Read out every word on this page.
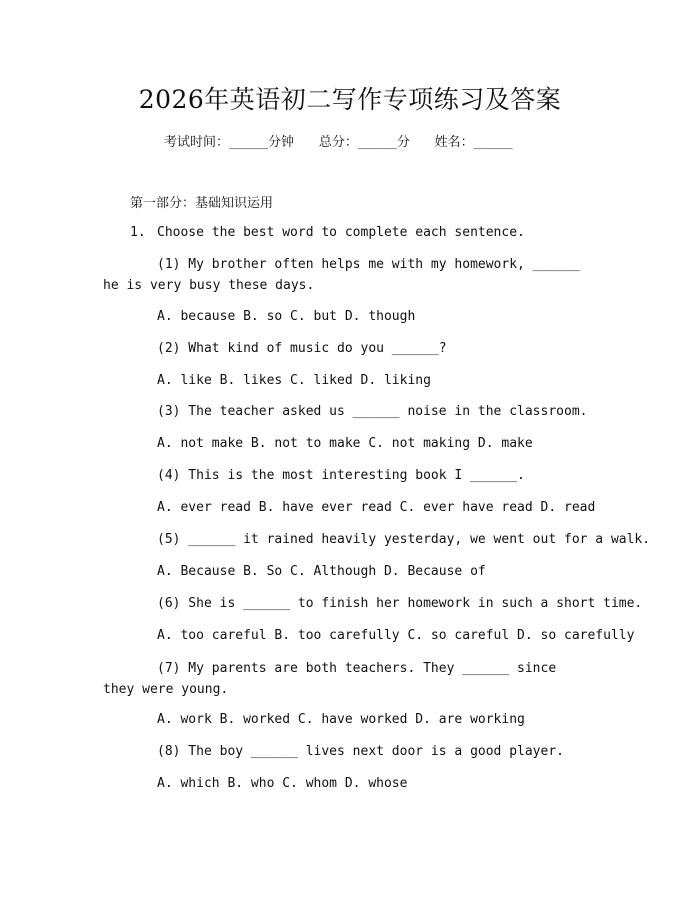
2026年英语初二写作专项练习及答案
考试时间：______分钟 总分：______分 姓名：______
第一部分：基础知识运用
1. Choose the best word to complete each sentence.
(1) My brother often helps me with my homework, ______ he is very busy these days.
A. because B. so C. but D. though
(2) What kind of music do you ______?
A. like B. likes C. liked D. liking
(3) The teacher asked us ______ noise in the classroom.
A. not make B. not to make C. not making D. make
(4) This is the most interesting book I ______.
A. ever read B. have ever read C. ever have read D. read
(5) ______ it rained heavily yesterday, we went out for a walk.
A. Because B. So C. Although D. Because of
(6) She is ______ to finish her homework in such a short time.
A. too careful B. too carefully C. so careful D. so carefully
(7) My parents are both teachers. They ______ since they were young.
A. work B. worked C. have worked D. are working
(8) The boy ______ lives next door is a good player.
A. which B. who C. whom D. whose
